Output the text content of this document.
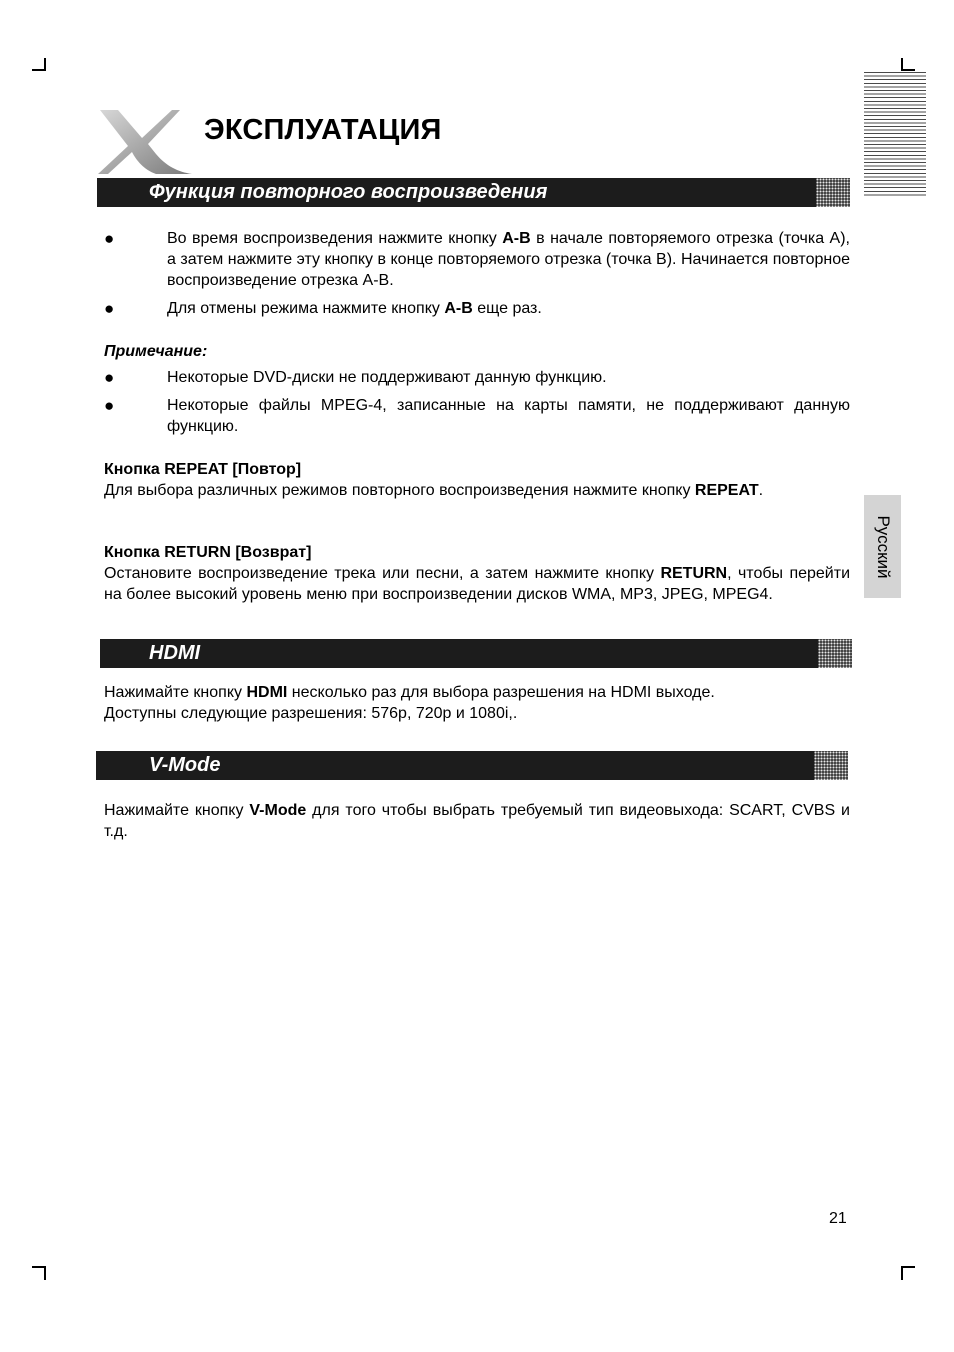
ЭКСПЛУАТАЦИЯ
Функция повторного воспроизведения
●	Во время воспроизведения нажмите кнопку A-B в начале повторяемого отрезка (точка A), а затем нажмите эту кнопку в конце повторяемого отрезка (точка B). Начинается повторное воспроизведение отрезка A-B.
●	Для отмены режима нажмите кнопку A-B еще раз.
Примечание:
●	Некоторые DVD-диски не поддерживают данную функцию.
●	Некоторые файлы MPEG-4, записанные на карты памяти, не поддерживают данную функцию.
Кнопка REPEAT [Повтор]
Для выбора различных режимов повторного воспроизведения нажмите кнопку REPEAT.
Кнопка RETURN [Возврат]
Остановите воспроизведение трека или песни, а затем нажмите кнопку RETURN, чтобы перейти на более высокий уровень меню при воспроизведении дисков WMA, MP3, JPEG, MPEG4.
HDMI
Нажимайте кнопку HDMI несколько раз для выбора разрешения на HDMI выходе.
Доступны следующие разрешения: 576p, 720p и 1080i,.
V-Mode
Нажимайте кнопку V-Mode для того чтобы выбрать требуемый тип видеовыхода: SCART, CVBS и т.д.
Русский
21
